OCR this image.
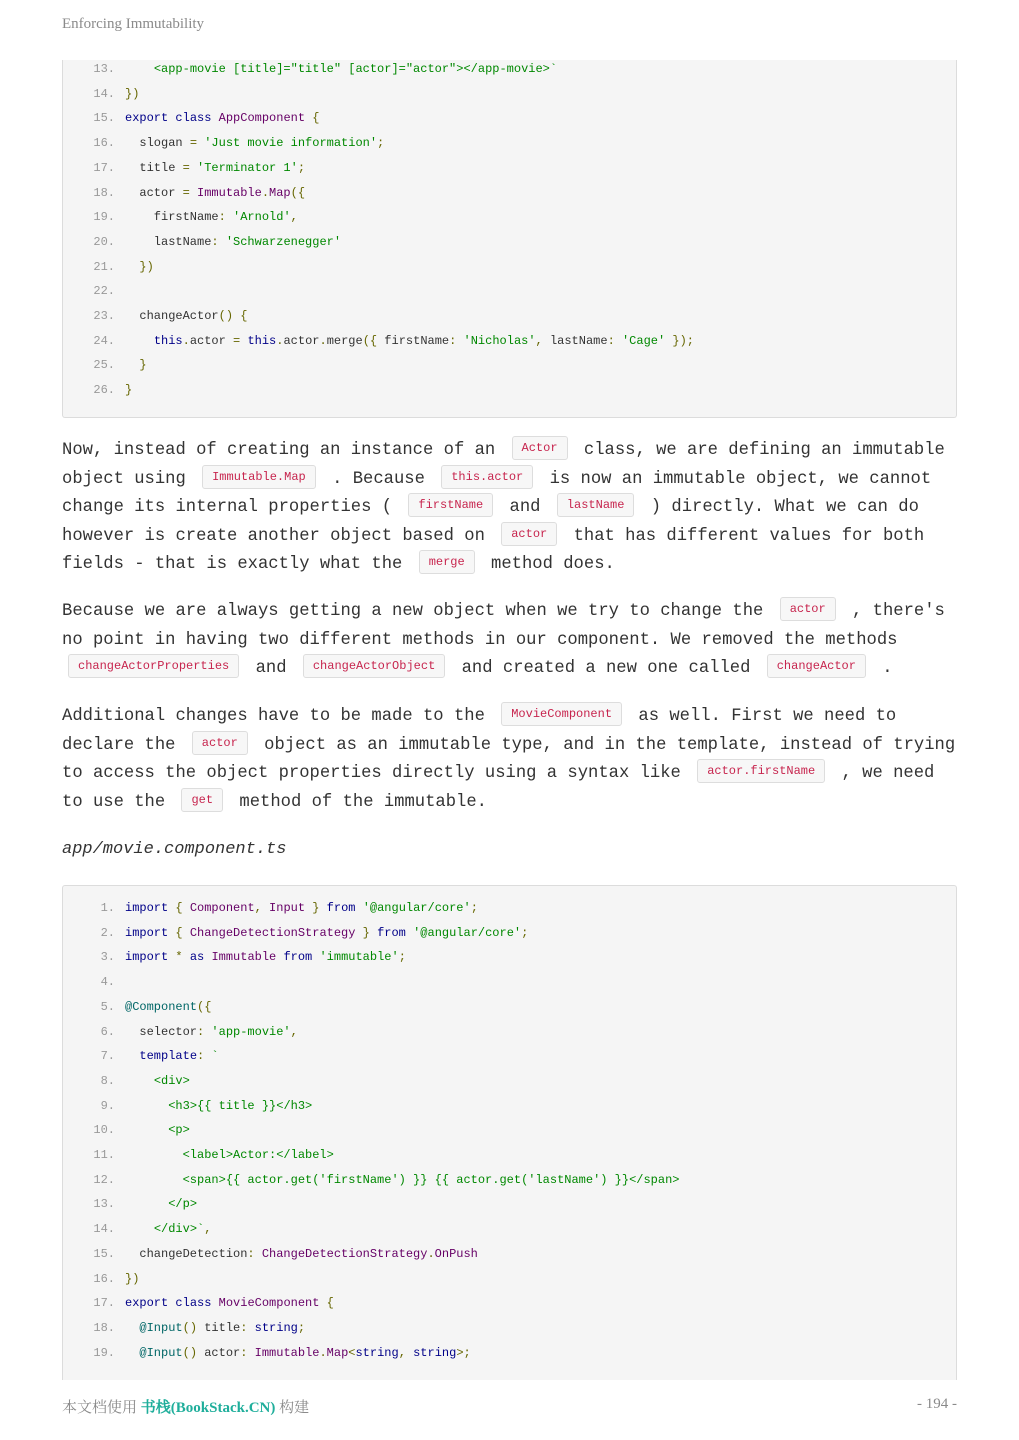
Enforcing Immutability
13.	<app-movie [title]="title" [actor]="actor"></app-movie>`
14. })
15. export class AppComponent {
16.  slogan = 'Just movie information';
17.  title = 'Terminator 1';
18.  actor = Immutable.Map({
19.    firstName: 'Arnold',
20.    lastName: 'Schwarzenegger'
21. })
22.
23.  changeActor() {
24.	this.actor = this.actor.merge({ firstName: 'Nicholas', lastName: 'Cage' });
25. }
26. }
Now, instead of creating an instance of an Actor class, we are defining an immutable object using Immutable.Map . Because this.actor is now an immutable object, we cannot change its internal properties ( firstName and lastName ) directly. What we can do however is create another object based on actor that has different values for both fields - that is exactly what the merge method does.
Because we are always getting a new object when we try to change the actor , there's no point in having two different methods in our component. We removed the methods changeActorProperties and changeActorObject and created a new one called changeActor .
Additional changes have to be made to the MovieComponent as well. First we need to declare the actor object as an immutable type, and in the template, instead of trying to access the object properties directly using a syntax like actor.firstName , we need to use the get method of the immutable.
app/movie.component.ts
1. import { Component, Input } from '@angular/core';
2. import { ChangeDetectionStrategy } from '@angular/core';
3. import * as Immutable from 'immutable';
4.
5. @Component({
6.  selector: 'app-movie',
7. template: `
8.	<div>
9.	<h3>{{ title }}</h3>
10.	<p>
11.	<label>Actor:</label>
12.	<span>{{ actor.get('firstName') }} {{ actor.get('lastName') }}</span>
13.	</p>
14.	</div>`,
15.  changeDetection: ChangeDetectionStrategy.OnPush
16. })
17. export class MovieComponent {
18. @Input() title: string;
19. @Input() actor: Immutable.Map<string, string>;
本文档使用 书栈(BookStack.CN) 构建	- 194 -
